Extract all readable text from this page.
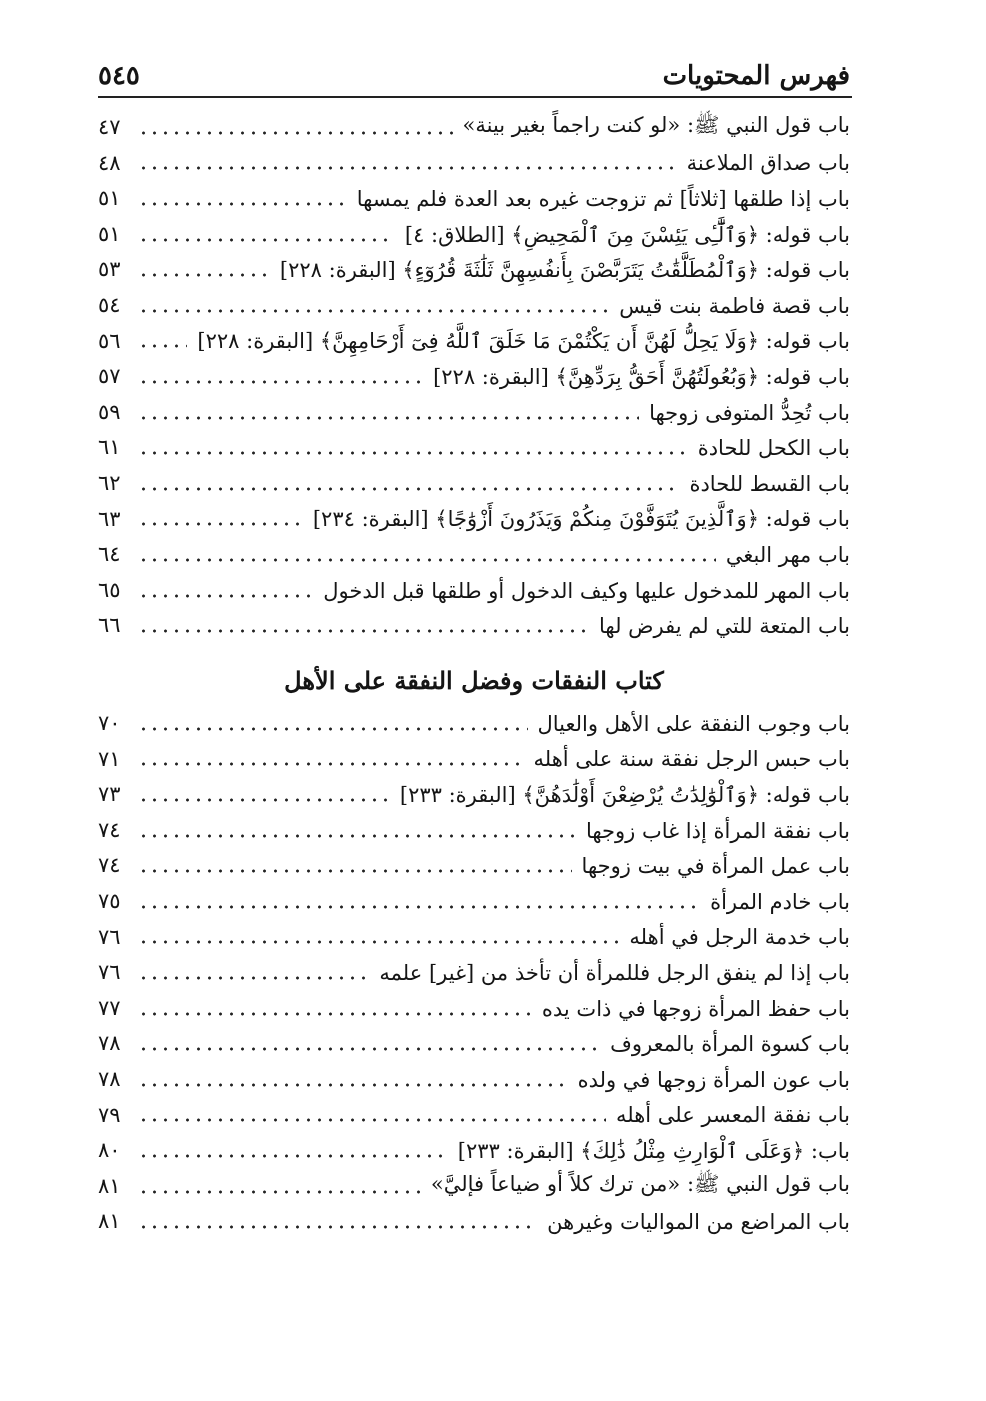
فهرس المحتويات
٥٤٥
باب قول النبي ﷺ: «لو كنت راجماً بغير بينة»
٤٧
باب صداق الملاعنة
٤٨
باب إذا طلقها [ثلاثاً] ثم تزوجت غيره بعد العدة فلم يمسها
٥١
باب قوله: ﴿وَٱلَّٰٓـِٔى يَئِسْنَ مِنَ ٱلْمَحِيضِ﴾ [الطلاق: ٤]
٥١
باب قوله: ﴿وَٱلْمُطَلَّقَٰتُ يَتَرَبَّصْنَ بِأَنفُسِهِنَّ ثَلَٰثَةَ قُرُوٓءٍ﴾ [البقرة: ٢٢٨]
٥٣
باب قصة فاطمة بنت قيس
٥٤
باب قوله: ﴿وَلَا يَحِلُّ لَهُنَّ أَن يَكْتُمْنَ مَا خَلَقَ ٱللَّهُ فِىٓ أَرْحَامِهِنَّ﴾ [البقرة: ٢٢٨]
٥٦
باب قوله: ﴿وَبُعُولَتُهُنَّ أَحَقُّ بِرَدِّهِنَّ﴾ [البقرة: ٢٢٨]
٥٧
باب تُحِدُّ المتوفى زوجها
٥٩
باب الكحل للحادة
٦١
باب القسط للحادة
٦٢
باب قوله: ﴿وَٱلَّذِينَ يُتَوَفَّوْنَ مِنكُمْ وَيَذَرُونَ أَزْوَٰجًا﴾ [البقرة: ٢٣٤]
٦٣
باب مهر البغي
٦٤
باب المهر للمدخول عليها وكيف الدخول أو طلقها قبل الدخول
٦٥
باب المتعة للتي لم يفرض لها
٦٦
كتاب النفقات وفضل النفقة على الأهل
باب وجوب النفقة على الأهل والعيال
٧٠
باب حبس الرجل نفقة سنة على أهله
٧١
باب قوله: ﴿وَٱلْوَٰلِدَٰتُ يُرْضِعْنَ أَوْلَٰدَهُنَّ﴾ [البقرة: ٢٣٣]
٧٣
باب نفقة المرأة إذا غاب زوجها
٧٤
باب عمل المرأة في بيت زوجها
٧٤
باب خادم المرأة
٧٥
باب خدمة الرجل في أهله
٧٦
باب إذا لم ينفق الرجل فللمرأة أن تأخذ من [غير] علمه
٧٦
باب حفظ المرأة زوجها في ذات يده
٧٧
باب كسوة المرأة بالمعروف
٧٨
باب عون المرأة زوجها في ولده
٧٨
باب نفقة المعسر على أهله
٧٩
باب: ﴿وَعَلَى ٱلْوَارِثِ مِثْلُ ذَٰلِكَ﴾ [البقرة: ٢٣٣]
٨٠
باب قول النبي ﷺ: «من ترك كلاً أو ضياعاً فإليَّ»
٨١
باب المراضع من المواليات وغيرهن
٨١
